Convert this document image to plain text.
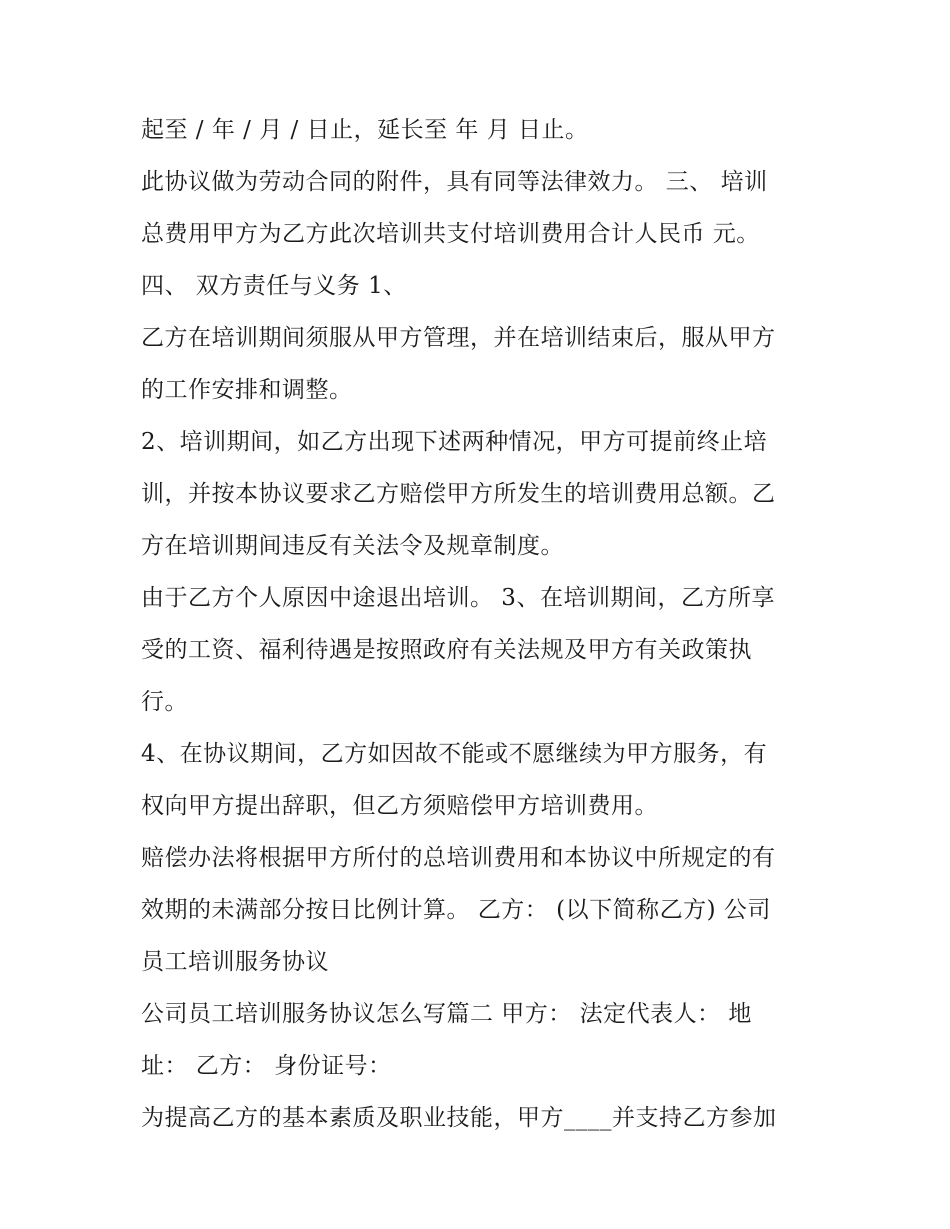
起至 / 年 / 月 / 日止，延长至 年 月 日止。
此协议做为劳动合同的附件，具有同等法律效力。 三、 培训
总费用甲方为乙方此次培训共支付培训费用合计人民币 元。
四、 双方责任与义务 1、
乙方在培训期间须服从甲方管理，并在培训结束后，服从甲方
的工作安排和调整。
2、培训期间，如乙方出现下述两种情况，甲方可提前终止培
训，并按本协议要求乙方赔偿甲方所发生的培训费用总额。乙
方在培训期间违反有关法令及规章制度。
由于乙方个人原因中途退出培训。 3、在培训期间，乙方所享
受的工资、福利待遇是按照政府有关法规及甲方有关政策执
行。
4、在协议期间，乙方如因故不能或不愿继续为甲方服务，有
权向甲方提出辞职，但乙方须赔偿甲方培训费用。
赔偿办法将根据甲方所付的总培训费用和本协议中所规定的有
效期的未满部分按日比例计算。 乙方： (以下简称乙方) 公司
员工培训服务协议
公司员工培训服务协议怎么写篇二 甲方： 法定代表人： 地
址： 乙方： 身份证号：
为提高乙方的基本素质及职业技能，甲方____并支持乙方参加
